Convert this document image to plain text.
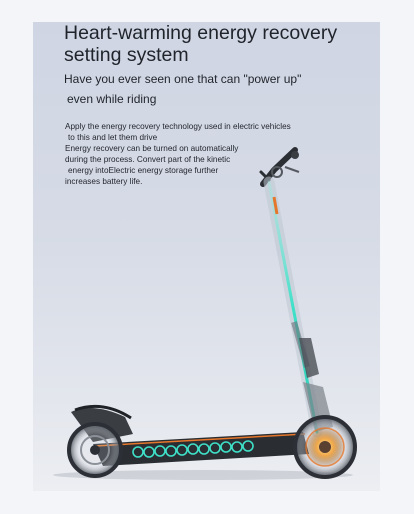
Heart-warming energy recovery
setting system
Have you ever seen one that can "power up"
even while riding
Apply the energy recovery technology used in electric vehicles
to this and let them drive
Energy recovery can be turned on automatically
during the process. Convert part of the kinetic
energy intoElectric energy storage further
increases battery life.
